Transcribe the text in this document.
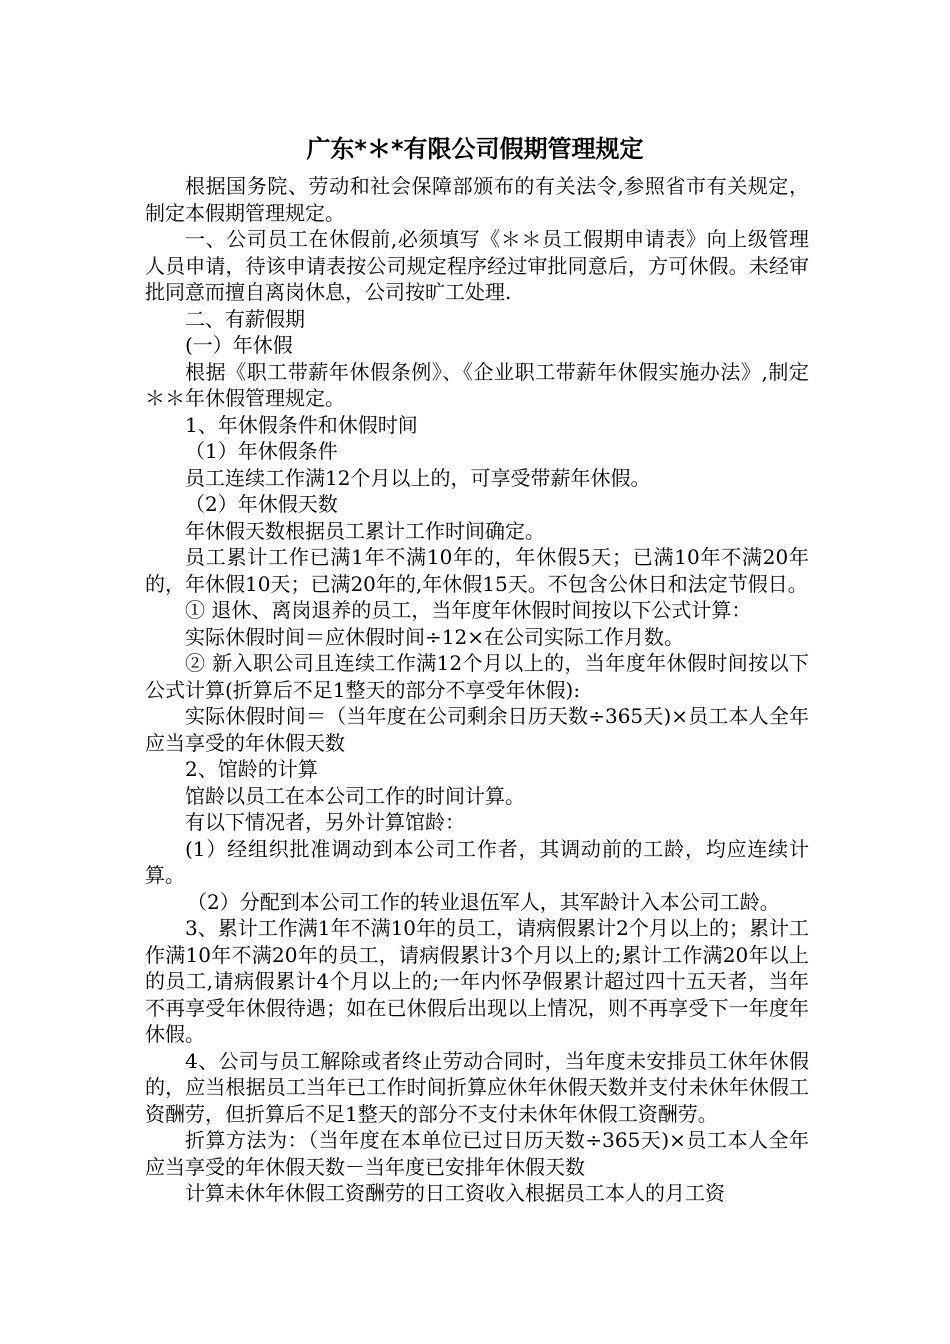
广东*＊*有限公司假期管理规定

根据国务院、劳动和社会保障部颁布的有关法令,参照省市有关规定，制定本假期管理规定。

一、公司员工在休假前,必须填写《＊＊员工假期申请表》向上级管理人员申请，待该申请表按公司规定程序经过审批同意后，方可休假。未经审批同意而擅自离岗休息，公司按旷工处理.

二、有薪假期

(一）年休假

根据《职工带薪年休假条例》、《企业职工带薪年休假实施办法》,制定＊＊年休假管理规定。

1、年休假条件和休假时间

（1）年休假条件

员工连续工作满12个月以上的，可享受带薪年休假。

（2）年休假天数

年休假天数根据员工累计工作时间确定。

员工累计工作已满1年不满10年的，年休假5天；已满10年不满20年的，年休假10天；已满20年的,年休假15天。不包含公休日和法定节假日。

① 退休、离岗退养的员工，当年度年休假时间按以下公式计算：

实际休假时间＝应休假时间÷12×在公司实际工作月数。

② 新入职公司且连续工作满12个月以上的，当年度年休假时间按以下公式计算(折算后不足1整天的部分不享受年休假):

实际休假时间＝（当年度在公司剩余日历天数÷365天)×员工本人全年应当享受的年休假天数

2、馆龄的计算

馆龄以员工在本公司工作的时间计算。

有以下情况者，另外计算馆龄：

(1）经组织批准调动到本公司工作者，其调动前的工龄，均应连续计算。

（2）分配到本公司工作的转业退伍军人，其军龄计入本公司工龄。

3、累计工作满1年不满10年的员工，请病假累计2个月以上的；累计工作满10年不满20年的员工，请病假累计3个月以上的;累计工作满20年以上的员工,请病假累计4个月以上的;一年内怀孕假累计超过四十五天者，当年不再享受年休假待遇；如在已休假后出现以上情况，则不再享受下一年度年休假。

4、公司与员工解除或者终止劳动合同时，当年度未安排员工休年休假的，应当根据员工当年已工作时间折算应休年休假天数并支付未休年休假工资酬劳，但折算后不足1整天的部分不支付未休年休假工资酬劳。

折算方法为：（当年度在本单位已过日历天数÷365天)×员工本人全年应当享受的年休假天数－当年度已安排年休假天数

计算未休年休假工资酬劳的日工资收入根据员工本人的月工资
